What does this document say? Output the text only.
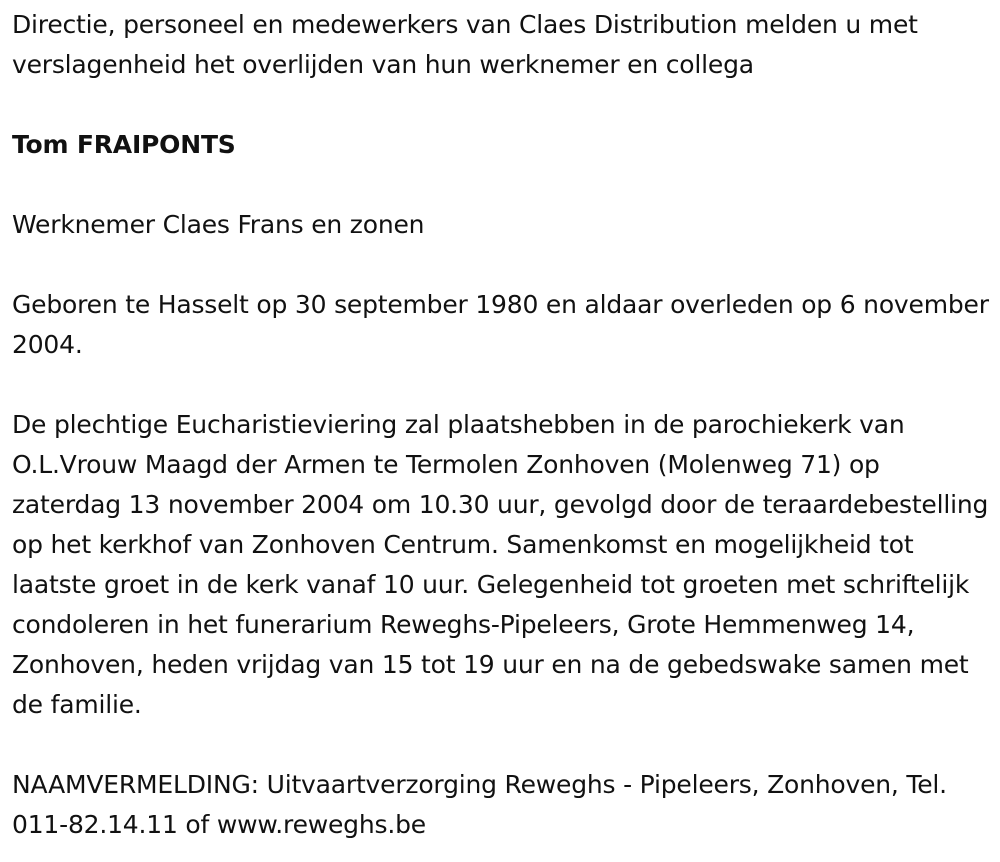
Directie, personeel en medewerkers van Claes Distribution melden u met verslagenheid het overlijden van hun werknemer en collega

Tom FRAIPONTS

Werknemer Claes Frans en zonen

Geboren te Hasselt op 30 september 1980 en aldaar overleden op 6 november 2004.

De plechtige Eucharistieviering zal plaatshebben in de parochiekerk van O.L.Vrouw Maagd der Armen te Termolen Zonhoven (Molenweg 71) op zaterdag 13 november 2004 om 10.30 uur, gevolgd door de teraardebestelling op het kerkhof van Zonhoven Centrum. Samenkomst en mogelijkheid tot laatste groet in de kerk vanaf 10 uur. Gelegenheid tot groeten met schriftelijk condoleren in het funerarium Reweghs-Pipeleers, Grote Hemmenweg 14, Zonhoven, heden vrijdag van 15 tot 19 uur en na de gebedswake samen met de familie.

NAAMVERMELDING: Uitvaartverzorging Reweghs - Pipeleers, Zonhoven, Tel. 011-82.14.11 of www.reweghs.be
